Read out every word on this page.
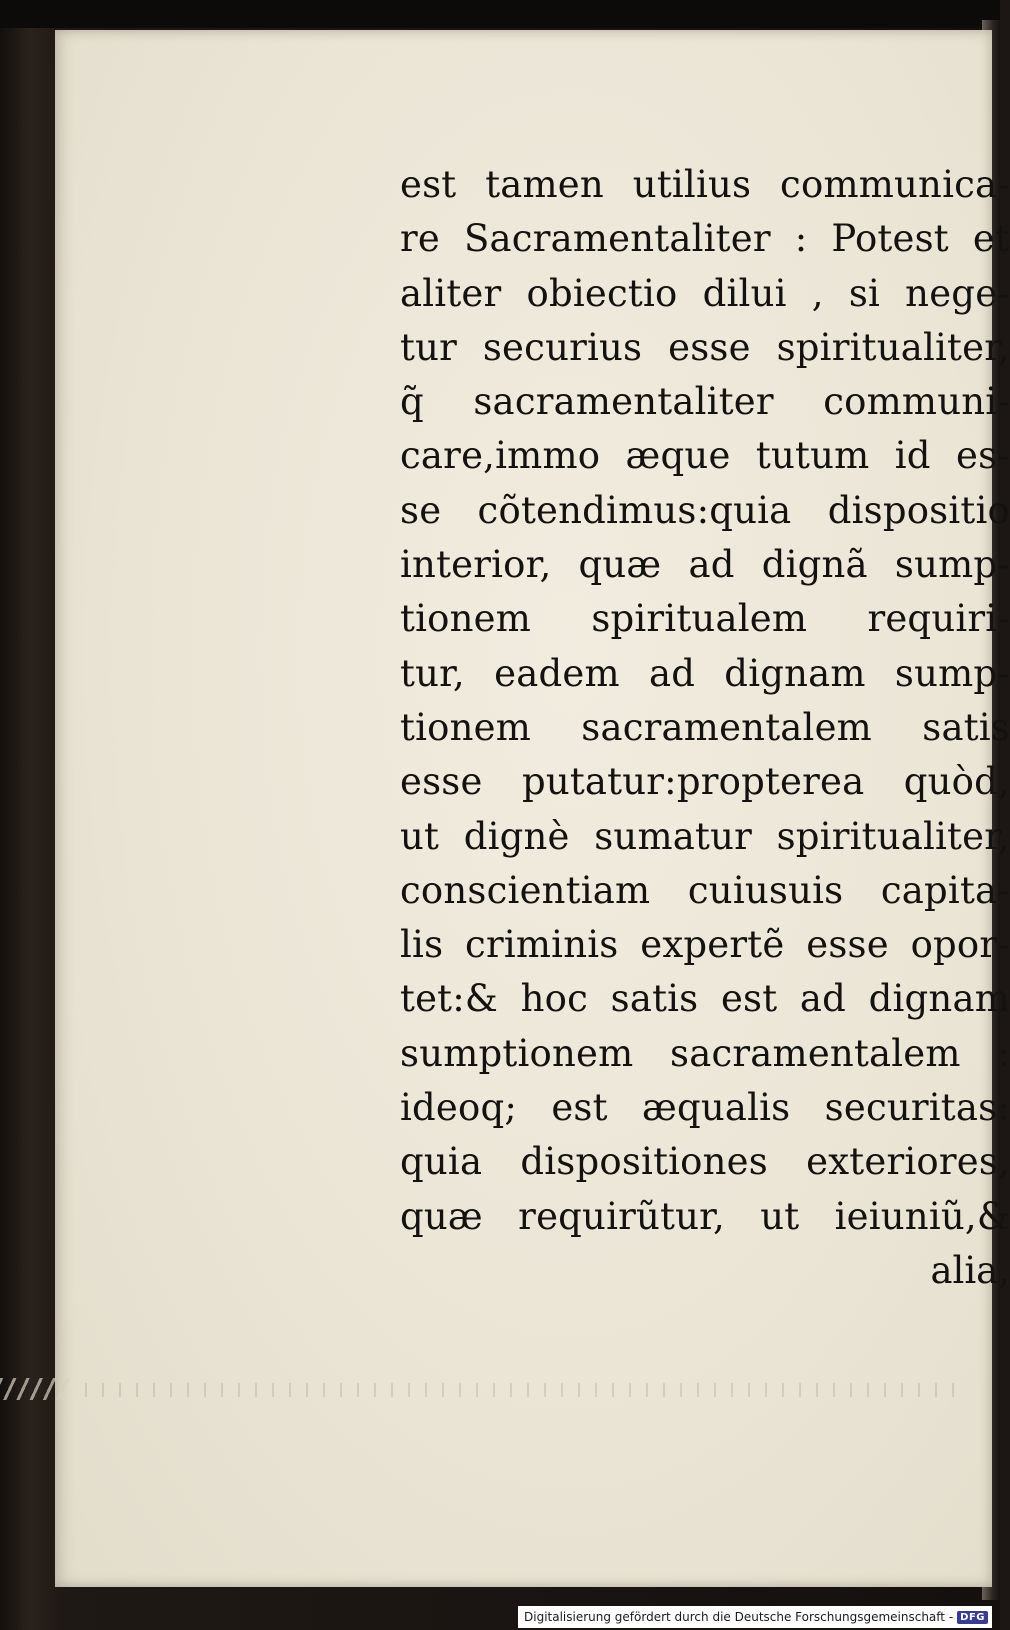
est tamen utilius communica-
re Sacramentaliter : Potest et
aliter obiectio dilui , si nege-
tur securius esse spiritualiter,
q̃ sacramentaliter communi-
care,immo æque tutum id es-
se cõtendimus:quia dispositio
interior, quæ ad dignã sump-
tionem spiritualem requiri-
tur, eadem ad dignam sump-
tionem sacramentalem satis
esse putatur:propterea quòd,
ut dignè sumatur spiritualiter,
conscientiam cuiusuis capita-
lis criminis expertẽ esse opor-
tet:& hoc satis est ad dignam
sumptionem sacramentalem :
ideoq; est æqualis securitas:
quia dispositiones exteriores,
quæ requirũtur, ut ieiuniũ,&
alia,
Digitalisierung gefördert durch die Deutsche Forschungsgemeinschaft - DFG
